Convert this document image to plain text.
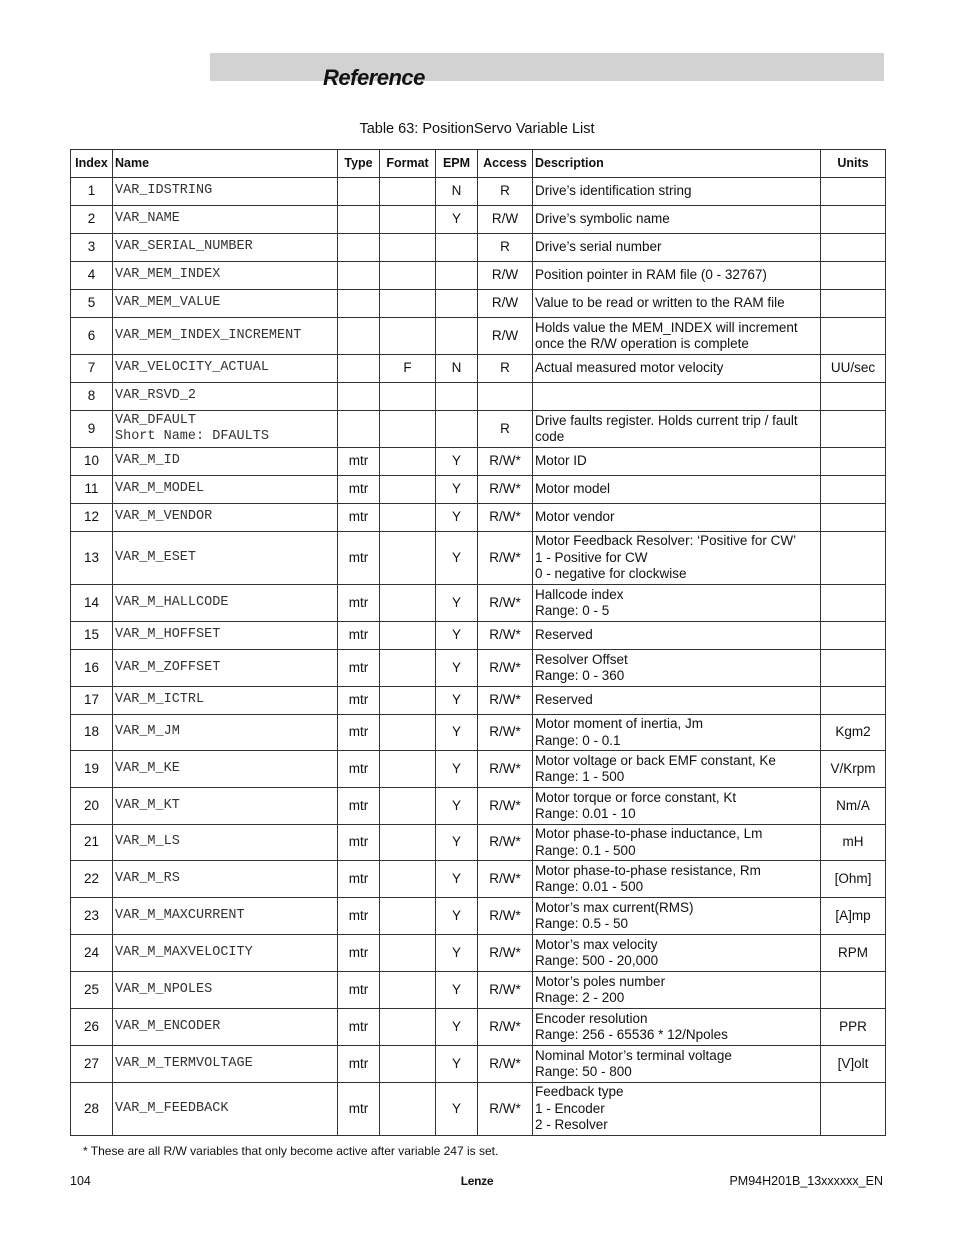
Reference
Table 63: PositionServo Variable List
Index	Name	Type	Format	EPM	Access	Description	Units
1	VAR_IDSTRING			N	R	Drive’s identification string	

2	VAR_NAME			Y	R/W	Drive’s symbolic name	

3	VAR_SERIAL_NUMBER				R	Drive’s serial number	

4	VAR_MEM_INDEX				R/W	Position pointer in RAM file (0 - 32767)	

5	VAR_MEM_VALUE				R/W	Value to be read or written to the RAM file	

6	VAR_MEM_INDEX_INCREMENT				R/W	Holds value the MEM_INDEX will increment
once the R/W operation is complete	

7	VAR_VELOCITY_ACTUAL		F	N	R	Actual measured motor velocity	UU/sec
8	VAR_RSVD_2						

9	VAR_DFAULT
Short Name: DFAULTS				R	Drive faults register. Holds current trip / fault
code	

10	VAR_M_ID	mtr		Y	R/W*	Motor ID	

11	VAR_M_MODEL	mtr		Y	R/W*	Motor model	

12	VAR_M_VENDOR	mtr		Y	R/W*	Motor vendor	

13	VAR_M_ESET	mtr		Y	R/W*	Motor Feedback Resolver: ‘Positive for CW’
1 - Positive for CW
0 - negative for clockwise	

14	VAR_M_HALLCODE	mtr		Y	R/W*	Hallcode index
Range: 0 - 5	

15	VAR_M_HOFFSET	mtr		Y	R/W*	Reserved	

16	VAR_M_ZOFFSET	mtr		Y	R/W*	Resolver Offset
Range: 0 - 360	

17	VAR_M_ICTRL	mtr		Y	R/W*	Reserved	

18	VAR_M_JM	mtr		Y	R/W*	Motor moment of inertia, Jm
Range: 0 - 0.1	Kgm2
19	VAR_M_KE	mtr		Y	R/W*	Motor voltage or back EMF constant, Ke
Range: 1 - 500	V/Krpm
20	VAR_M_KT	mtr		Y	R/W*	Motor torque or force constant, Kt
Range: 0.01 - 10	Nm/A
21	VAR_M_LS	mtr		Y	R/W*	Motor phase-to-phase inductance, Lm
Range: 0.1 - 500	mH
22	VAR_M_RS	mtr		Y	R/W*	Motor phase-to-phase resistance, Rm
Range: 0.01 - 500	[Ohm]
23	VAR_M_MAXCURRENT	mtr		Y	R/W*	Motor’s max current(RMS)
Range: 0.5 - 50	[A]mp
24	VAR_M_MAXVELOCITY	mtr		Y	R/W*	Motor’s max velocity
Range: 500 - 20,000	RPM
25	VAR_M_NPOLES	mtr		Y	R/W*	Motor’s poles number
Rnage: 2 - 200	

26	VAR_M_ENCODER	mtr		Y	R/W*	Encoder resolution
Range: 256 - 65536 * 12/Npoles	PPR
27	VAR_M_TERMVOLTAGE	mtr		Y	R/W*	Nominal Motor’s terminal voltage
Range: 50 - 800	[V]olt
28	VAR_M_FEEDBACK	mtr		Y	R/W*	Feedback type
1 - Encoder
2 - Resolver	

* These are all R/W variables that only become active after variable 247 is set.
104	Lenze	PM94H201B_13xxxxxx_EN
